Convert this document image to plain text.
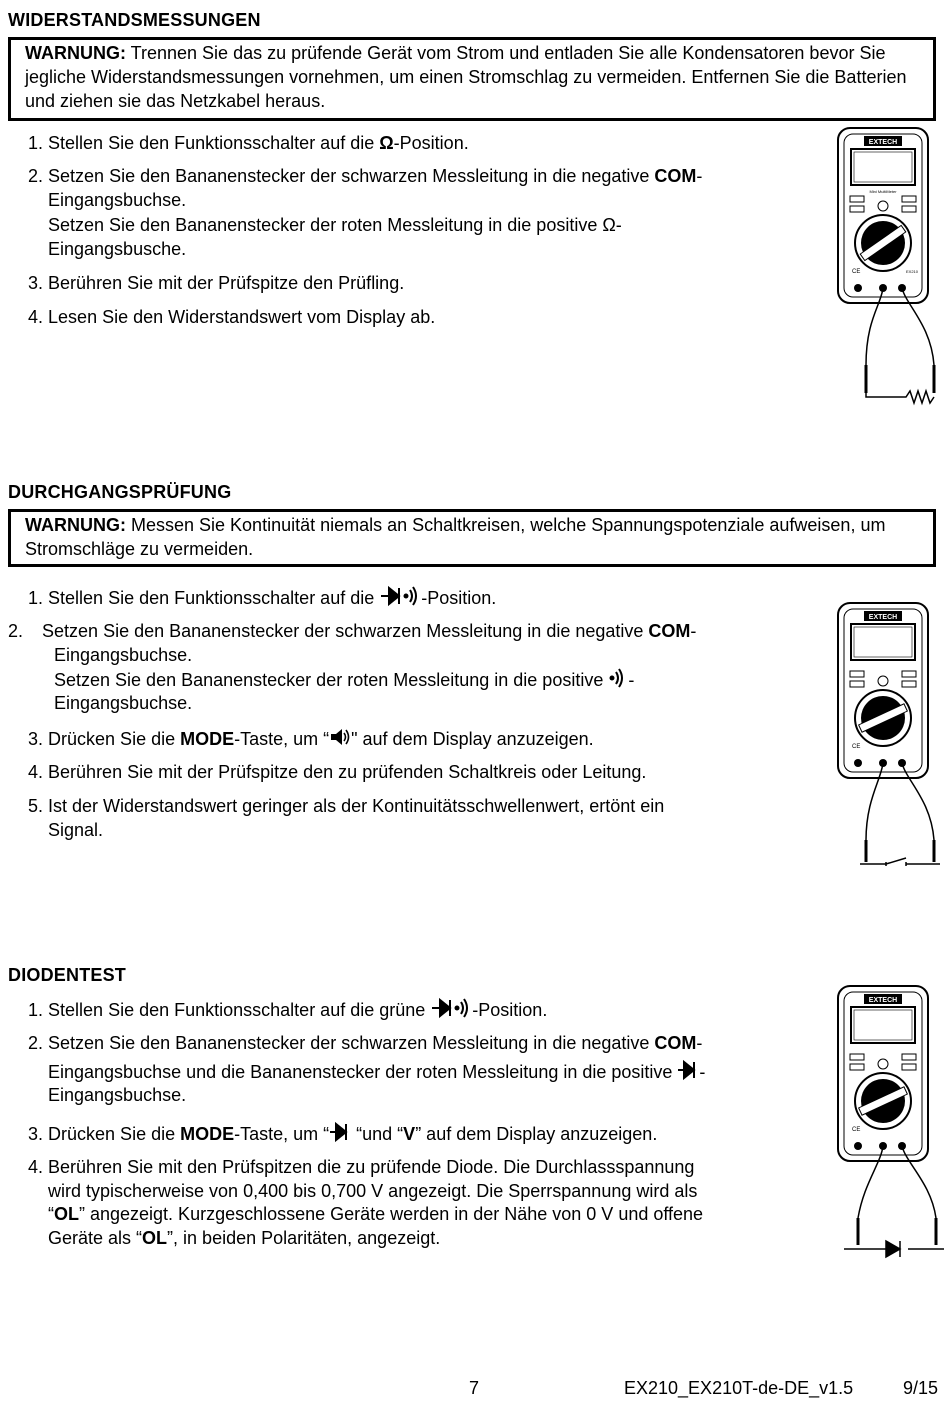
WIDERSTANDSMESSUNGEN
WARNUNG: Trennen Sie das zu prüfende Gerät vom Strom und entladen Sie alle Kondensatoren bevor Sie jegliche Widerstandsmessungen vornehmen, um einen Stromschlag zu vermeiden. Entfernen Sie die Batterien und ziehen sie das Netzkabel heraus.
1. Stellen Sie den Funktionsschalter auf die Ω-Position.
2. Setzen Sie den Bananenstecker der schwarzen Messleitung in die negative COM-
Eingangsbuchse.
Setzen Sie den Bananenstecker der roten Messleitung in die positive Ω-
Eingangsbusche.
3. Berühren Sie mit der Prüfspitze den Prüfling.
4. Lesen Sie den Widerstandswert vom Display ab.
EXTECH
Mini MultiMeter
CE	EX210
DURCHGANGSPRÜFUNG
WARNUNG: Messen Sie Kontinuität niemals an Schaltkreisen, welche Spannungspotenziale aufweisen, um Stromschläge zu vermeiden.
1. Stellen Sie den Funktionsschalter auf die -Position.
2. Setzen Sie den Bananenstecker der schwarzen Messleitung in die negative COM-
Eingangsbuchse.
Setzen Sie den Bananenstecker der roten Messleitung in die positive -
Eingangsbuchse.
3. Drücken Sie die MODE-Taste, um “ " auf dem Display anzuzeigen.
4. Berühren Sie mit der Prüfspitze den zu prüfenden Schaltkreis oder Leitung.
5. Ist der Widerstandswert geringer als der Kontinuitätsschwellenwert, ertönt ein
Signal.
EXTECH
CE
DIODENTEST
1. Stellen Sie den Funktionsschalter auf die grüne -Position.
2. Setzen Sie den Bananenstecker der schwarzen Messleitung in die negative COM-
Eingangsbuchse und die Bananenstecker der roten Messleitung in die positive -
Eingangsbuchse.
3. Drücken Sie die MODE-Taste, um “ “und “V” auf dem Display anzuzeigen.
4. Berühren Sie mit den Prüfspitzen die zu prüfende Diode. Die Durchlassspannung
wird typischerweise von 0,400 bis 0,700 V angezeigt. Die Sperrspannung wird als
“OL” angezeigt. Kurzgeschlossene Geräte werden in der Nähe von 0 V und offene
Geräte als “OL”, in beiden Polaritäten, angezeigt.
EXTECH
CE
7	EX210_EX210T-de-DE_v1.5	9/15
